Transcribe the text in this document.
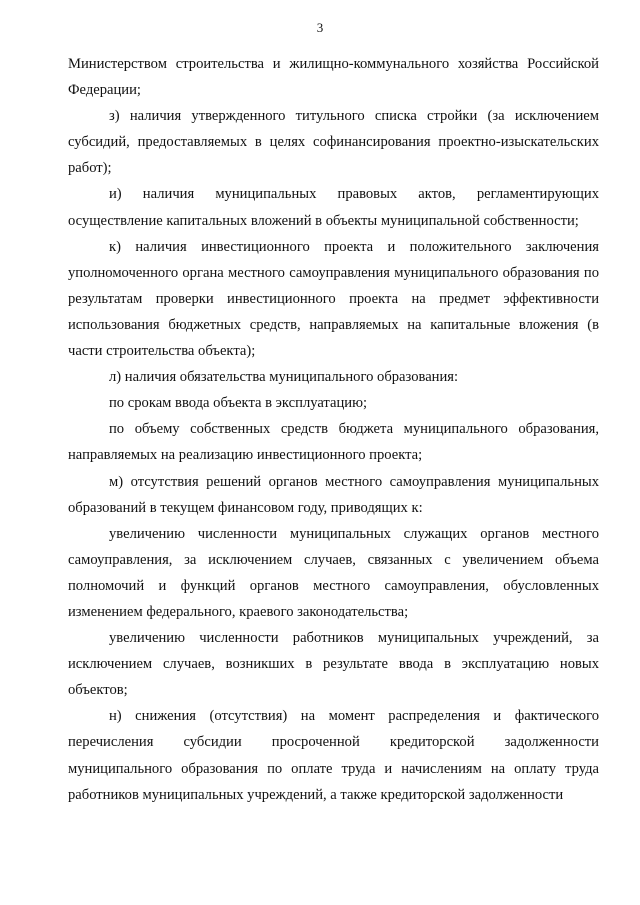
3

Министерством строительства и жилищно-коммунального хозяйства Российской Федерации;

з) наличия утвержденного титульного списка стройки (за исключением субсидий, предоставляемых в целях софинансирования проектно-изыскательских работ);

и) наличия муниципальных правовых актов, регламентирующих осуществление капитальных вложений в объекты муниципальной собственности;

к) наличия инвестиционного проекта и положительного заключения уполномоченного органа местного самоуправления муниципального образования по результатам проверки инвестиционного проекта на предмет эффективности использования бюджетных средств, направляемых на капитальные вложения (в части строительства объекта);

л) наличия обязательства муниципального образования:

по срокам ввода объекта в эксплуатацию;

по объему собственных средств бюджета муниципального образования, направляемых на реализацию инвестиционного проекта;

м) отсутствия решений органов местного самоуправления муниципальных образований в текущем финансовом году, приводящих к:

увеличению численности муниципальных служащих органов местного самоуправления, за исключением случаев, связанных с увеличением объема полномочий и функций органов местного самоуправления, обусловленных изменением федерального, краевого законодательства;

увеличению численности работников муниципальных учреждений, за исключением случаев, возникших в результате ввода в эксплуатацию новых объектов;

н) снижения (отсутствия) на момент распределения и фактического перечисления субсидии просроченной кредиторской задолженности муниципального образования по оплате труда и начислениям на оплату труда работников муниципальных учреждений, а также кредиторской задолженности
